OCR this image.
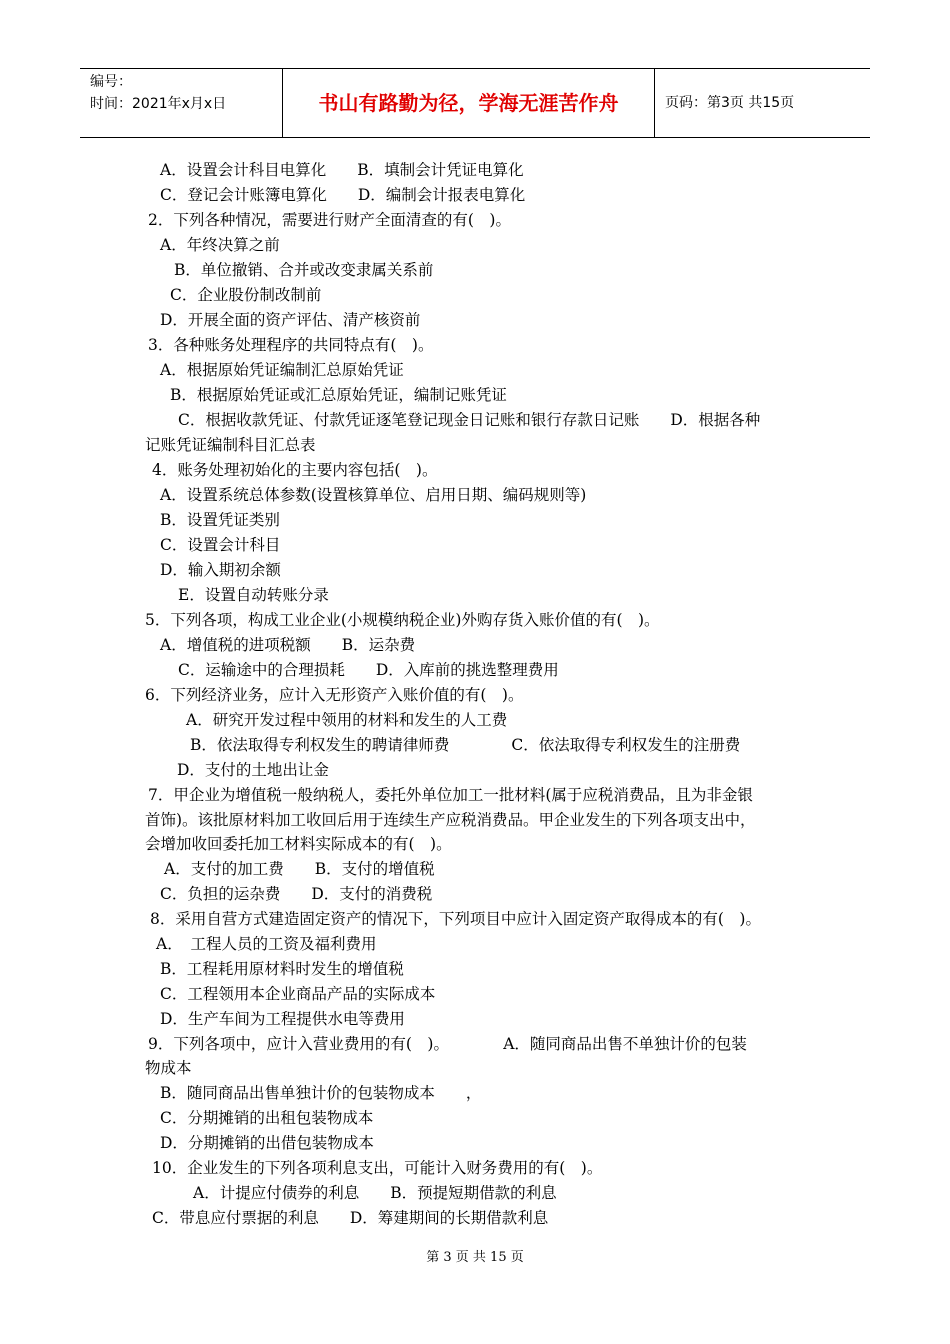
编号：
时间：2021年x月x日	书山有路勤为径，学海无涯苦作舟	页码：第3页 共15页
A．设置会计科目电算化　　B．填制会计凭证电算化
C．登记会计账簿电算化　　D．编制会计报表电算化
2．下列各种情况，需要进行财产全面清查的有(　)。
A．年终决算之前
B．单位撤销、合并或改变隶属关系前
C．企业股份制改制前
D．开展全面的资产评估、清产核资前
3．各种账务处理程序的共同特点有(　)。
A．根据原始凭证编制汇总原始凭证
B．根据原始凭证或汇总原始凭证，编制记账凭证
C．根据收款凭证、付款凭证逐笔登记现金日记账和银行存款日记账　　D．根据各种
记账凭证编制科目汇总表
4．账务处理初始化的主要内容包括(　)。
A．设置系统总体参数(设置核算单位、启用日期、编码规则等)
B．设置凭证类别
C．设置会计科目
D．输入期初余额
E．设置自动转账分录
5．下列各项，构成工业企业(小规模纳税企业)外购存货入账价值的有(　)。
A．增值税的进项税额　　B．运杂费
C．运输途中的合理损耗　　D．入库前的挑选整理费用
6．下列经济业务，应计入无形资产入账价值的有(　)。
A．研究开发过程中领用的材料和发生的人工费
B．依法取得专利权发生的聘请律师费　　　　C．依法取得专利权发生的注册费
D．支付的土地出让金
7．甲企业为增值税一般纳税人，委托外单位加工一批材料(属于应税消费品，且为非金银
首饰)。该批原材料加工收回后用于连续生产应税消费品。甲企业发生的下列各项支出中，
会增加收回委托加工材料实际成本的有(　)。
A．支付的加工费　　B．支付的增值税
C．负担的运杂费　　D．支付的消费税
8．采用自营方式建造固定资产的情况下，下列项目中应计入固定资产取得成本的有(　)。
A．　工程人员的工资及福利费用
B．工程耗用原材料时发生的增值税
C．工程领用本企业商品产品的实际成本
D．生产车间为工程提供水电等费用
9．下列各项中，应计入营业费用的有(　)。　　　　A．随同商品出售不单独计价的包装
物成本
B．随同商品出售单独计价的包装物成本　　，
C．分期摊销的出租包装物成本
D．分期摊销的出借包装物成本
10．企业发生的下列各项利息支出，可能计入财务费用的有(　)。
A．计提应付债券的利息　　B．预提短期借款的利息
C．带息应付票据的利息　　D．筹建期间的长期借款利息
第 3 页 共 15 页
